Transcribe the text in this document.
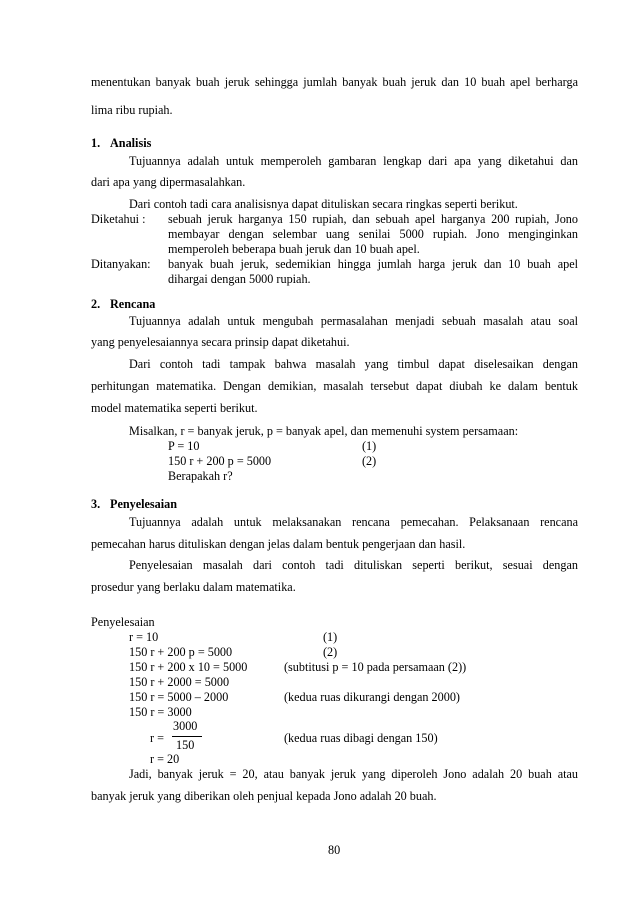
menentukan banyak buah jeruk sehingga jumlah banyak buah jeruk dan 10 buah apel berharga
lima ribu rupiah.
1. Analisis
Tujuannya adalah untuk memperoleh gambaran lengkap dari apa yang diketahui dan
dari apa yang dipermasalahkan.
Dari contoh tadi cara analisisnya dapat dituliskan secara ringkas seperti berikut.
Diketahui : sebuah jeruk harganya 150 rupiah, dan sebuah apel harganya 200 rupiah, Jono
membayar dengan selembar uang senilai 5000 rupiah. Jono menginginkan
memperoleh beberapa buah jeruk dan 10 buah apel.
Ditanyakan: banyak buah jeruk, sedemikian hingga jumlah harga jeruk dan 10 buah apel
dihargai dengan 5000 rupiah.
2. Rencana
Tujuannya adalah untuk mengubah permasalahan menjadi sebuah masalah atau soal
yang penyelesaiannya secara prinsip dapat diketahui.
Dari contoh tadi tampak bahwa masalah yang timbul dapat diselesaikan dengan
perhitungan matematika. Dengan demikian, masalah tersebut dapat diubah ke dalam bentuk
model matematika seperti berikut.
Misalkan, r = banyak jeruk, p = banyak apel, dan memenuhi system persamaan:
P = 10	(1)
150 r + 200 p = 5000	(2)
Berapakah r?
3. Penyelesaian
Tujuannya adalah untuk melaksanakan rencana pemecahan. Pelaksanaan rencana
pemecahan harus dituliskan dengan jelas dalam bentuk pengerjaan dan hasil.
Penyelesaian masalah dari contoh tadi dituliskan seperti berikut, sesuai dengan
prosedur yang berlaku dalam matematika.
Penyelesaian
r = 10	(1)
150 r + 200 p = 5000	(2)
150 r + 200 x 10 = 5000	(subtitusi p = 10 pada persamaan (2))
150 r + 2000 = 5000
150 r = 5000 – 2000	(kedua ruas dikurangi dengan 2000)
150 r = 3000
r =
3000
150	(kedua ruas dibagi dengan 150)
r = 20
Jadi, banyak jeruk = 20, atau banyak jeruk yang diperoleh Jono adalah 20 buah atau
banyak jeruk yang diberikan oleh penjual kepada Jono adalah 20 buah.
80
